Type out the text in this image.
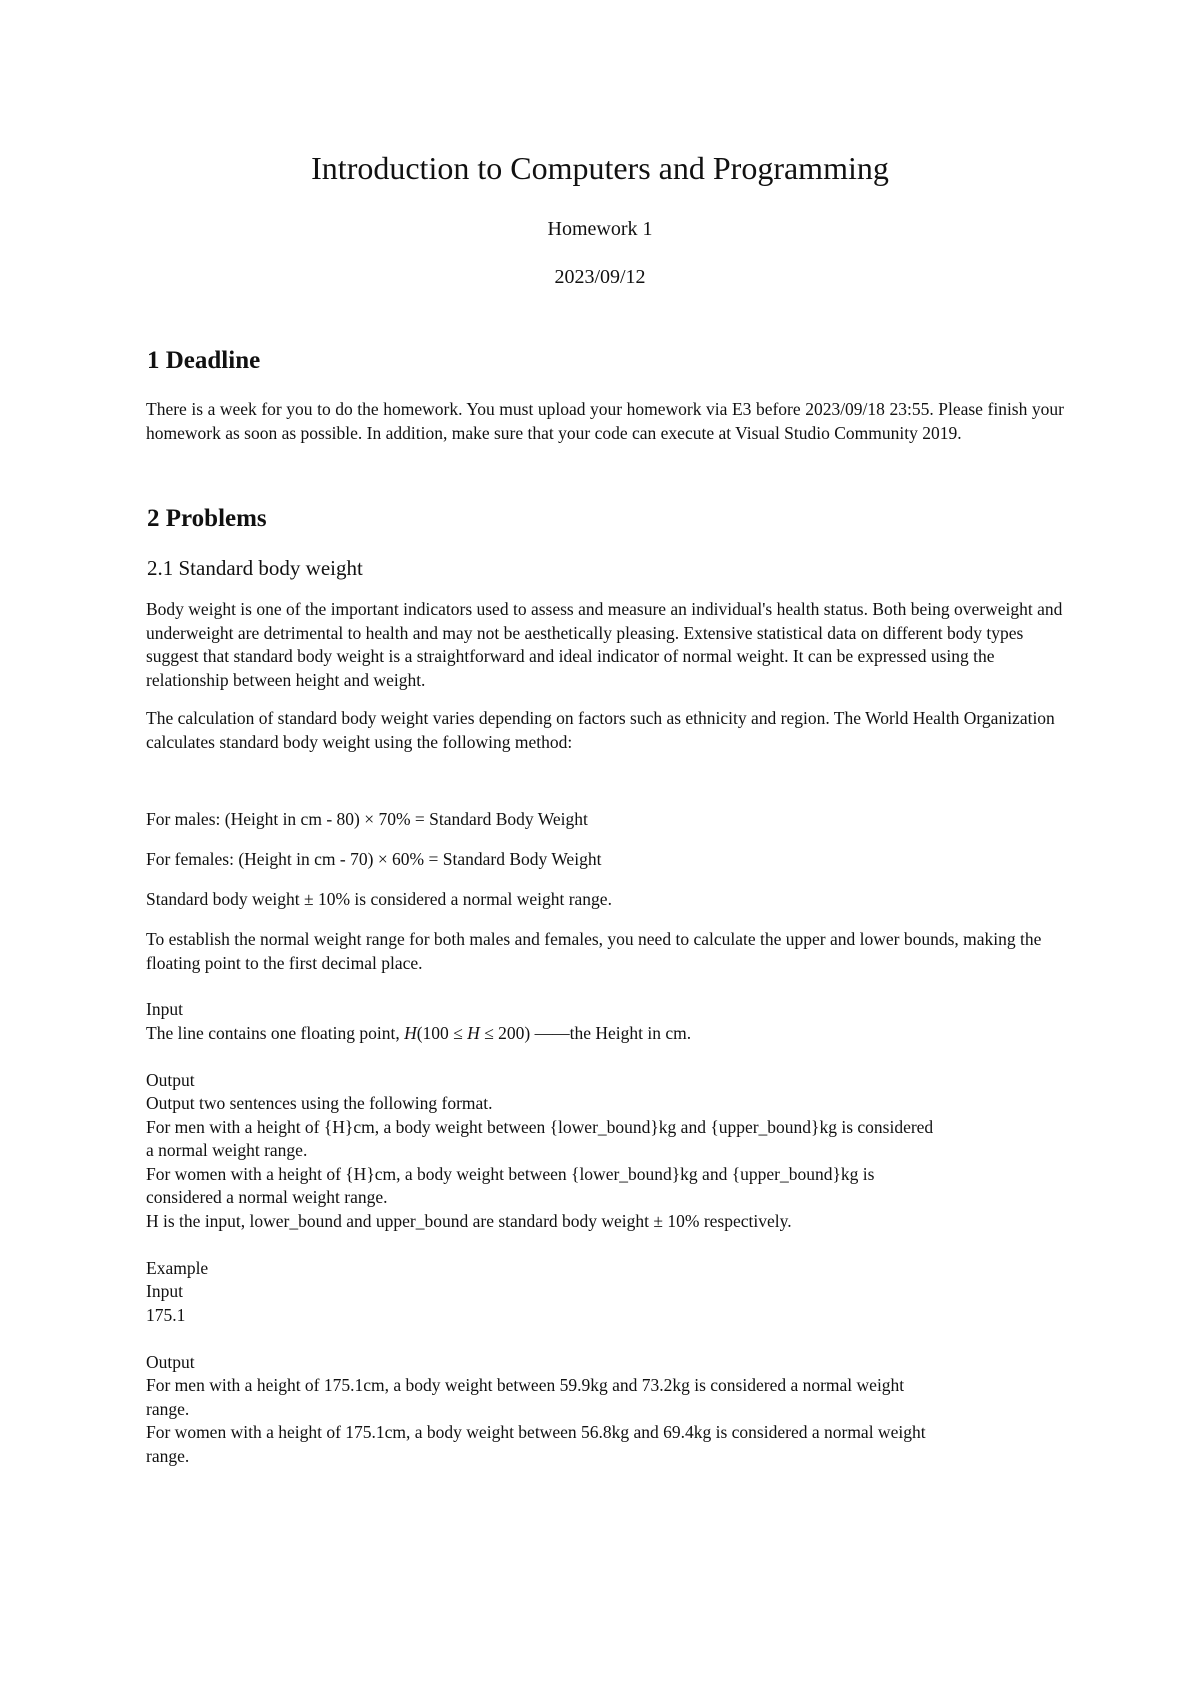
Introduction to Computers and Programming
Homework 1
2023/09/12
1 Deadline
There is a week for you to do the homework. You must upload your homework via E3 before 2023/09/18 23:55. Please finish your homework as soon as possible. In addition, make sure that your code can execute at Visual Studio Community 2019.
2 Problems
2.1 Standard body weight
Body weight is one of the important indicators used to assess and measure an individual's health status. Both being overweight and underweight are detrimental to health and may not be aesthetically pleasing. Extensive statistical data on different body types suggest that standard body weight is a straightforward and ideal indicator of normal weight. It can be expressed using the relationship between height and weight.
The calculation of standard body weight varies depending on factors such as ethnicity and region. The World Health Organization calculates standard body weight using the following method:
For males: (Height in cm - 80) × 70% = Standard Body Weight
For females: (Height in cm - 70) × 60% = Standard Body Weight
Standard body weight ± 10% is considered a normal weight range.
To establish the normal weight range for both males and females, you need to calculate the upper and lower bounds, making the floating point to the first decimal place.
Input
The line contains one floating point, H(100 ≤ H ≤ 200) ——the Height in cm.
Output
Output two sentences using the following format.
For men with a height of {H}cm, a body weight between {lower_bound}kg and {upper_bound}kg is considered
a normal weight range.
For women with a height of {H}cm, a body weight between {lower_bound}kg and {upper_bound}kg is
considered a normal weight range.
H is the input, lower_bound and upper_bound are standard body weight ± 10% respectively.
Example
Input
175.1
Output
For men with a height of 175.1cm, a body weight between 59.9kg and 73.2kg is considered a normal weight
range.
For women with a height of 175.1cm, a body weight between 56.8kg and 69.4kg is considered a normal weight
range.
